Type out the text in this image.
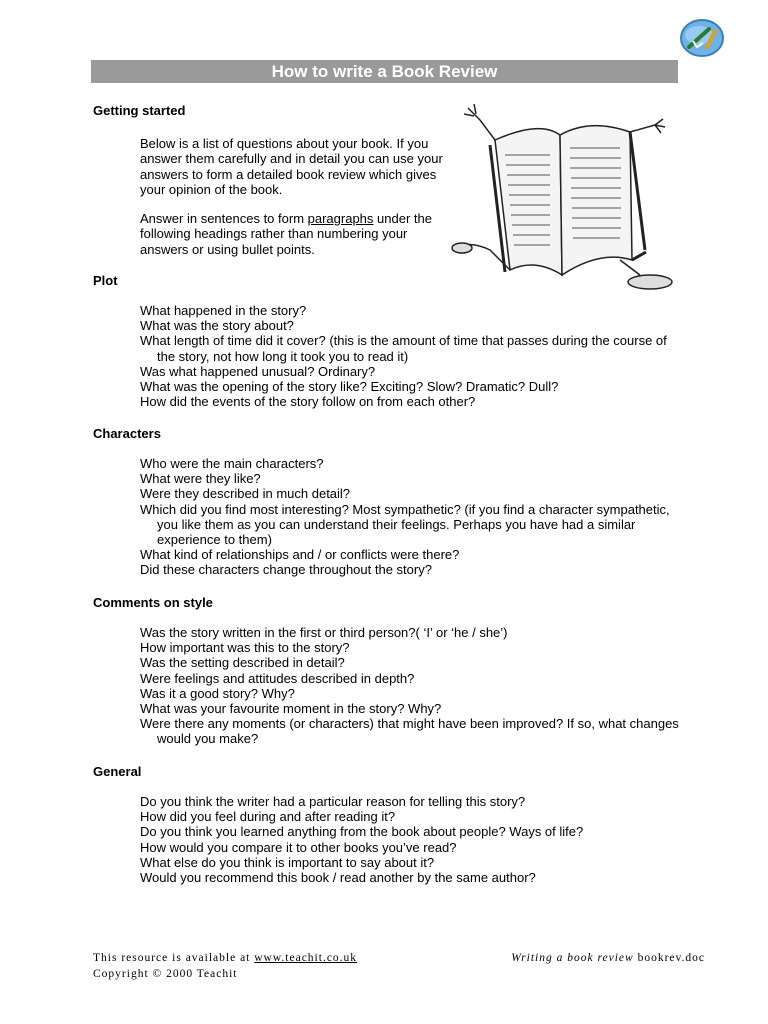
How to write a Book Review
Getting started

Below is a list of questions about your book. If you answer them carefully and in detail you can use your answers to form a detailed book review which gives your opinion of the book.

Answer in sentences to form paragraphs under the following headings rather than numbering your answers or using bullet points.

Plot
What happened in the story?
What was the story about?
What length of time did it cover? (this is the amount of time that passes during the course of the story, not how long it took you to read it)
Was what happened unusual? Ordinary?
What was the opening of the story like? Exciting? Slow? Dramatic? Dull?
How did the events of the story follow on from each other?
Characters
Who were the main characters?
What were they like?
Were they described in much detail?
Which did you find most interesting? Most sympathetic? (if you find a character sympathetic, you like them as you can understand their feelings. Perhaps you have had a similar experience to them)
What kind of relationships and / or conflicts were there?
Did these characters change throughout the story?
Comments on style
Was the story written in the first or third person?( ‘I’ or ‘he / she’)
How important was this to the story?
Was the setting described in detail?
Were feelings and attitudes described in depth?
Was it a good story? Why?
What was your favourite moment in the story? Why?
Were there any moments (or characters) that might have been improved? If so, what changes would you make?
General
Do you think the writer had a particular reason for telling this story?
How did you feel during and after reading it?
Do you think you learned anything from the book about people? Ways of life?
How would you compare it to other books you’ve read?
What else do you think is important to say about it?
Would you recommend this book / read another by the same author?
This resource is available at www.teachit.co.uk
Copyright © 2000 Teachit
Writing a book review bookrev.doc
